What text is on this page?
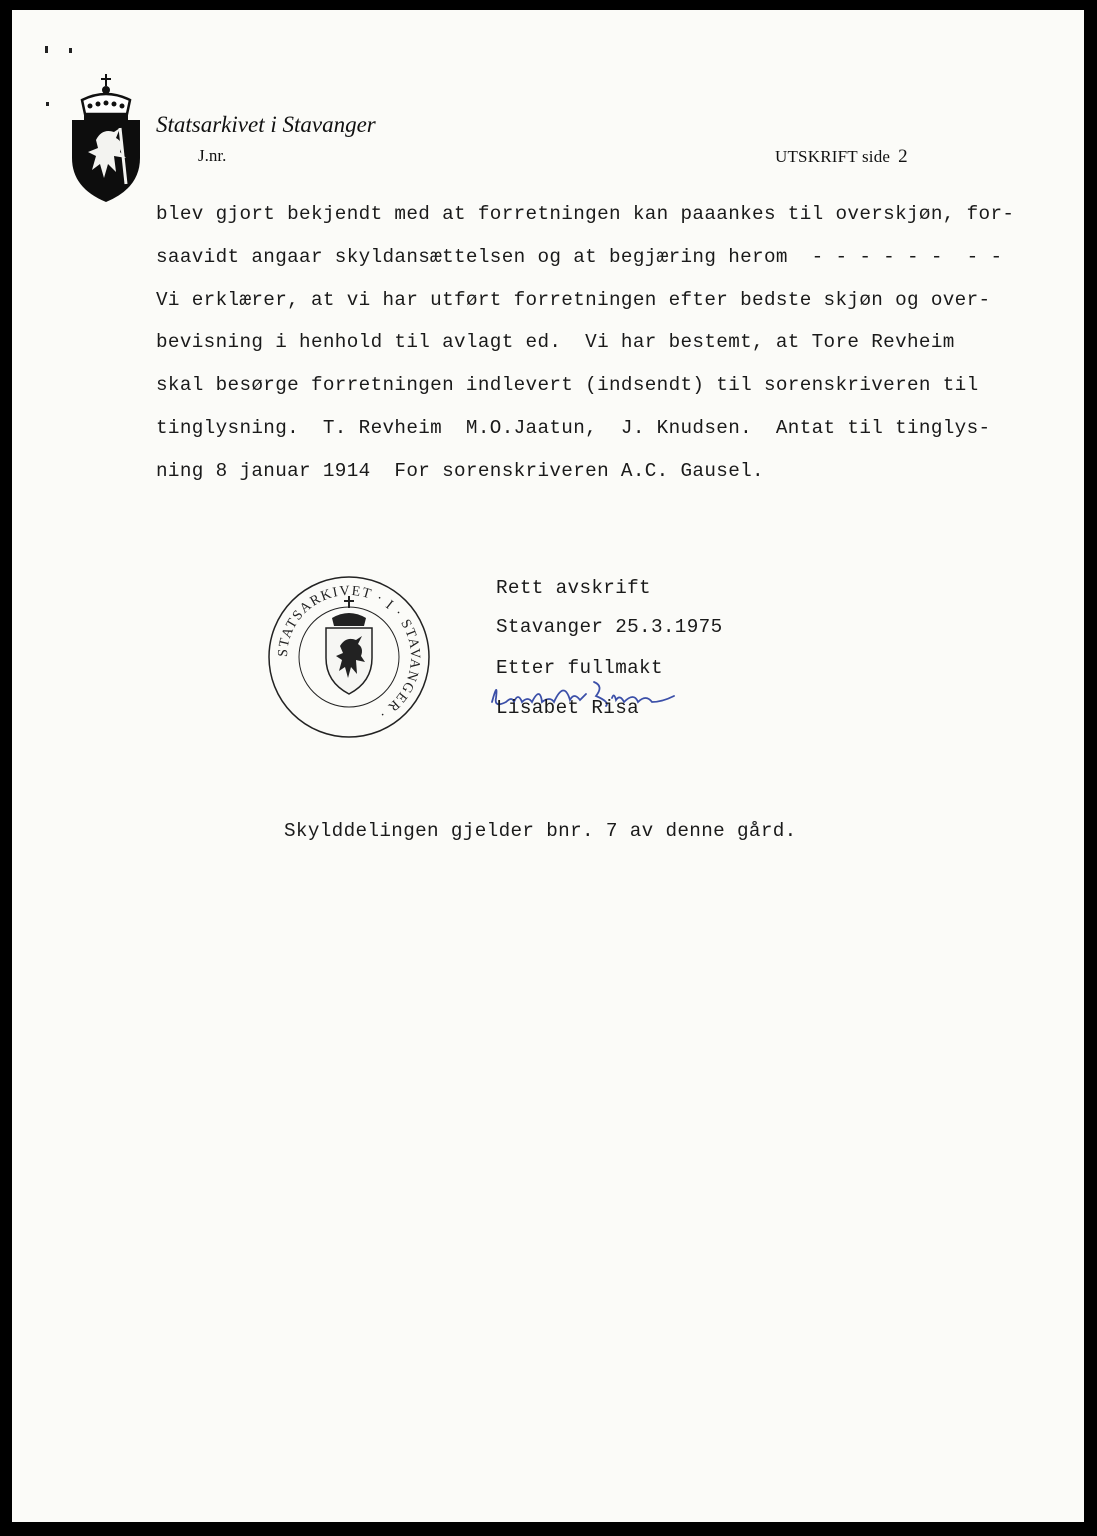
Statsarkivet i Stavanger
J.nr.	UTSKRIFT side 2
blev gjort bekjendt med at forretningen kan paaankes til overskjøn, for-
saavidt angaar skyldansættelsen og at begjæring herom  - - - - - -  - -
Vi erklærer, at vi har utført forretningen efter bedste skjøn og over-
bevisning i henhold til avlagt ed.  Vi har bestemt, at Tore Revheim
skal besørge forretningen indlevert (indsendt) til sorenskriveren til
tinglysning.  T. Revheim  M.O.Jaatun,  J. Knudsen.  Antat til tinglys-
ning 8 januar 1914  For sorenskriveren A.C. Gausel.
STATSARKIVET · I · STAVANGER ·
Rett avskrift
Stavanger 25.3.1975
Etter fullmakt
Lisabet Risa
Skylddelingen gjelder bnr. 7 av denne gård.
